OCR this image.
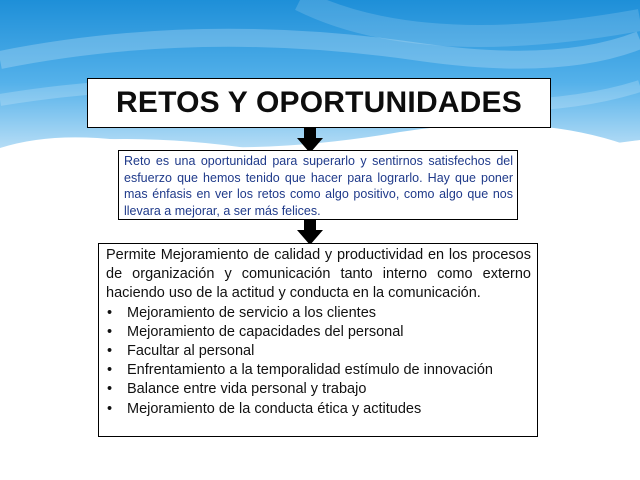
RETOS Y OPORTUNIDADES
Reto es una oportunidad para superarlo y sentirnos satisfechos del esfuerzo que hemos tenido que hacer para lograrlo. Hay que poner mas énfasis en ver los retos como algo positivo, como algo que nos llevara a mejorar, a ser más felices.
Permite Mejoramiento de calidad y productividad en los procesos de organización y comunicación tanto interno como externo haciendo uso de la actitud y conducta en la comunicación.
• Mejoramiento de servicio a los clientes
• Mejoramiento de capacidades del personal
• Facultar al personal
• Enfrentamiento a la temporalidad estímulo de innovación
• Balance entre vida personal y trabajo
• Mejoramiento de la conducta ética y actitudes
